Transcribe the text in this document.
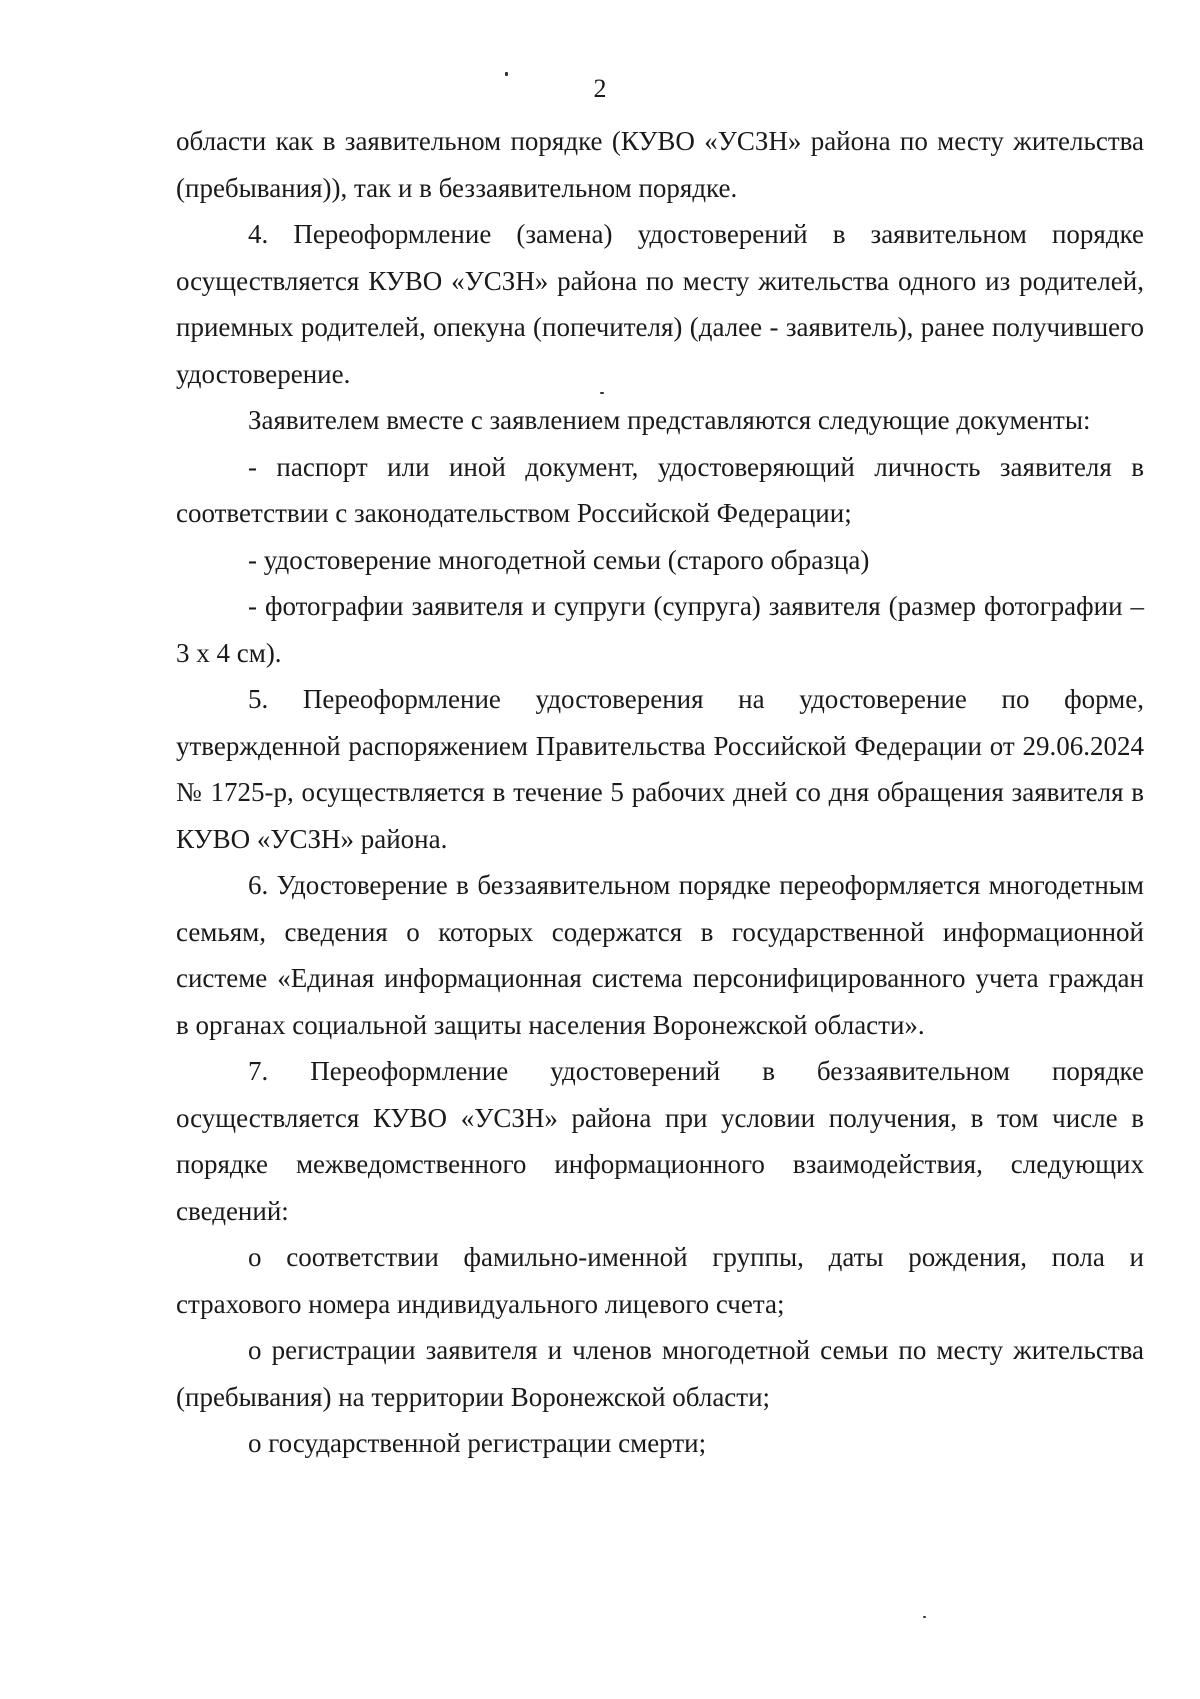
2

области как в заявительном порядке (КУВО «УСЗН» района по месту жительства (пребывания)), так и в беззаявительном порядке.

4. Переоформление (замена) удостоверений в заявительном порядке осуществляется КУВО «УСЗН» района по месту жительства одного из родителей, приемных родителей, опекуна (попечителя) (далее - заявитель), ранее получившего удостоверение.

Заявителем вместе с заявлением представляются следующие документы:

- паспорт или иной документ, удостоверяющий личность заявителя в соответствии с законодательством Российской Федерации;

- удостоверение многодетной семьи (старого образца)

- фотографии заявителя и супруги (супруга) заявителя (размер фотографии – 3 х 4 см).

5. Переоформление удостоверения на удостоверение по форме, утвержденной распоряжением Правительства Российской Федерации от 29.06.2024 № 1725-р, осуществляется в течение 5 рабочих дней со дня обращения заявителя в КУВО «УСЗН» района.

6. Удостоверение в беззаявительном порядке переоформляется многодетным семьям, сведения о которых содержатся в государственной информационной системе «Единая информационная система персонифицированного учета граждан в органах социальной защиты населения Воронежской области».

7. Переоформление удостоверений в беззаявительном порядке осуществляется КУВО «УСЗН» района при условии получения, в том числе в порядке межведомственного информационного взаимодействия, следующих сведений:

о соответствии фамильно-именной группы, даты рождения, пола и страхового номера индивидуального лицевого счета;

о регистрации заявителя и членов многодетной семьи по месту жительства (пребывания) на территории Воронежской области;

о государственной регистрации смерти;
